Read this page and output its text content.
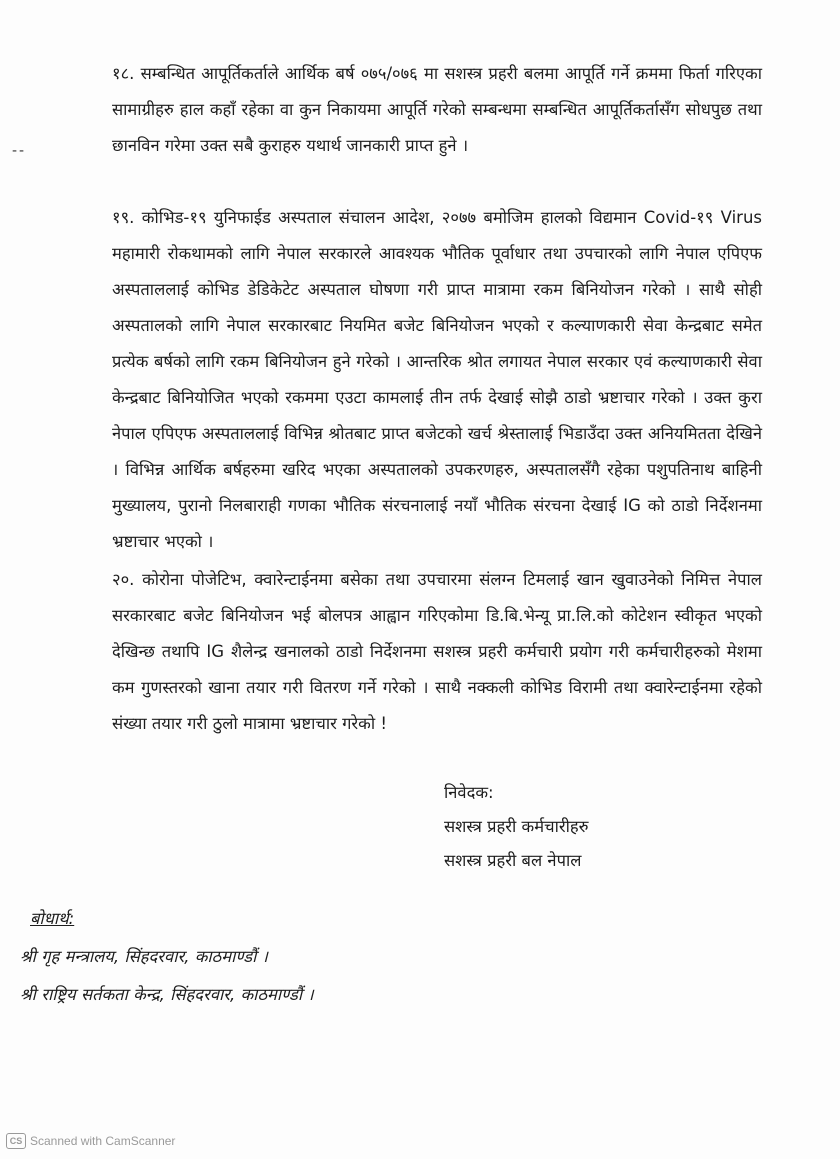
--
१८. सम्बन्धित आपूर्तिकर्ताले आर्थिक बर्ष ०७५/०७६ मा सशस्त्र प्रहरी बलमा आपूर्ति गर्ने क्रममा फिर्ता गरिएका सामाग्रीहरु हाल कहाँ रहेका वा कुन निकायमा आपूर्ति गरेको सम्बन्धमा सम्बन्धित आपूर्तिकर्तासँग सोधपुछ तथा छानविन गरेमा उक्त सबै कुराहरु यथार्थ जानकारी प्राप्त हुने ।
१९. कोभिड-१९ युनिफाईड अस्पताल संचालन आदेश, २०७७ बमोजिम हालको विद्यमान Covid-१९ Virus महामारी रोकथामको लागि नेपाल सरकारले आवश्यक भौतिक पूर्वाधार तथा उपचारको लागि नेपाल एपिएफ अस्पताललाई कोभिड डेडिकेटेट अस्पताल घोषणा गरी प्राप्त मात्रामा रकम बिनियोजन गरेको । साथै सोही अस्पतालको लागि नेपाल सरकारबाट नियमित बजेट बिनियोजन भएको र कल्याणकारी सेवा केन्द्रबाट समेत प्रत्येक बर्षको लागि रकम बिनियोजन हुने गरेको । आन्तरिक श्रोत लगायत नेपाल सरकार एवं कल्याणकारी सेवा केन्द्रबाट बिनियोजित भएको रकममा एउटा कामलाई तीन तर्फ देखाई सोझै ठाडो भ्रष्टाचार गरेको । उक्त कुरा नेपाल एपिएफ अस्पताललाई विभिन्न श्रोतबाट प्राप्त बजेटको खर्च श्रेस्तालाई भिडाउँदा उक्त अनियमितता देखिने । विभिन्न आर्थिक बर्षहरुमा खरिद भएका अस्पतालको उपकरणहरु, अस्पतालसँगै रहेका पशुपतिनाथ बाहिनी मुख्यालय, पुरानो निलबाराही गणका भौतिक संरचनालाई नयाँ भौतिक संरचना देखाई IG को ठाडो निर्देशनमा भ्रष्टाचार भएको ।
२०. कोरोना पोजेटिभ, क्वारेन्टाईनमा बसेका तथा उपचारमा संलग्न टिमलाई खान खुवाउनेको निमित्त नेपाल सरकारबाट बजेट बिनियोजन भई बोलपत्र आह्वान गरिएकोमा डि.बि.भेन्यू प्रा.लि.को कोटेशन स्वीकृत भएको देखिन्छ तथापि IG शैलेन्द्र खनालको ठाडो निर्देशनमा सशस्त्र प्रहरी कर्मचारी प्रयोग गरी कर्मचारीहरुको मेशमा कम गुणस्तरको खाना तयार गरी वितरण गर्ने गरेको । साथै नक्कली कोभिड विरामी तथा क्वारेन्टाईनमा रहेको संख्या तयार गरी ठुलो मात्रामा भ्रष्टाचार गरेको !
निवेदक:
सशस्त्र प्रहरी कर्मचारीहरु
सशस्त्र प्रहरी बल नेपाल
बोधार्थ:
श्री गृह मन्त्रालय, सिंहदरवार, काठमाण्डौं ।
श्री राष्ट्रिय सर्तकता केन्द्र, सिंहदरवार, काठमाण्डौं ।
CS Scanned with CamScanner
